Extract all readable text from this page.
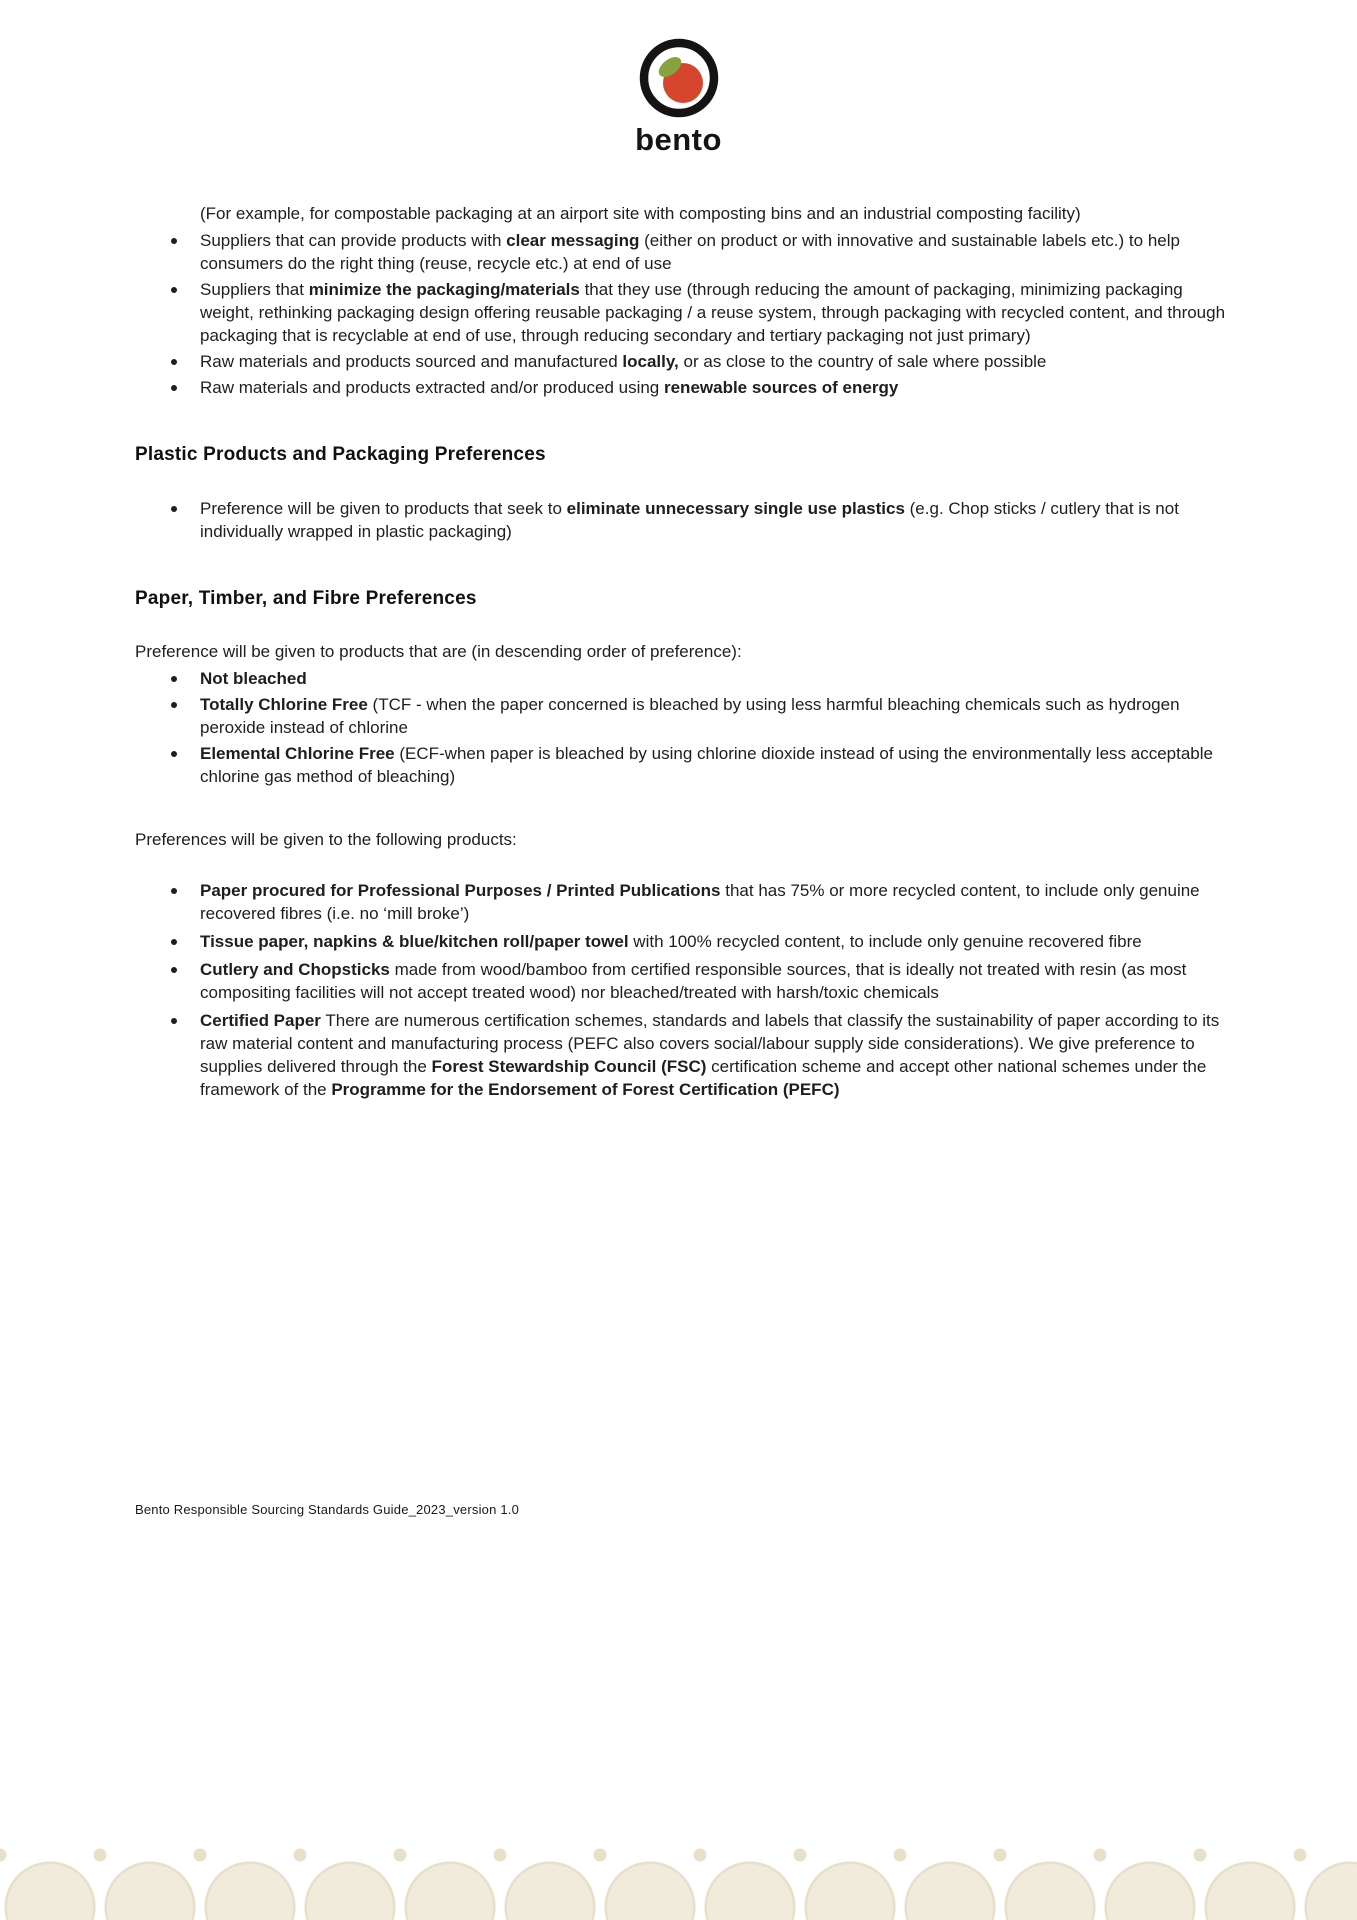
bento

(For example, for compostable packaging at an airport site with composting bins and an industrial composting facility)

Suppliers that can provide products with clear messaging (either on product or with innovative and sustainable labels etc.) to help consumers do the right thing (reuse, recycle etc.) at end of use
Suppliers that minimize the packaging/materials that they use (through reducing the amount of packaging, minimizing packaging weight, rethinking packaging design offering reusable packaging / a reuse system, through packaging with recycled content, and through packaging that is recyclable at end of use, through reducing secondary and tertiary packaging not just primary)
Raw materials and products sourced and manufactured locally, or as close to the country of sale where possible
Raw materials and products extracted and/or produced using renewable sources of energy
Plastic Products and Packaging Preferences
Preference will be given to products that seek to eliminate unnecessary single use plastics (e.g. Chop sticks / cutlery that is not individually wrapped in plastic packaging)
Paper, Timber, and Fibre Preferences

Preference will be given to products that are (in descending order of preference):

Not bleached
Totally Chlorine Free (TCF - when the paper concerned is bleached by using less harmful bleaching chemicals such as hydrogen peroxide instead of chlorine
Elemental Chlorine Free (ECF-when paper is bleached by using chlorine dioxide instead of using the environmentally less acceptable chlorine gas method of bleaching)

Preferences will be given to the following products:

Paper procured for Professional Purposes / Printed Publications that has 75% or more recycled content, to include only genuine recovered fibres (i.e. no ‘mill broke’)
Tissue paper, napkins & blue/kitchen roll/paper towel with 100% recycled content, to include only genuine recovered fibre
Cutlery and Chopsticks made from wood/bamboo from certified responsible sources, that is ideally not treated with resin (as most compositing facilities will not accept treated wood) nor bleached/treated with harsh/toxic chemicals
Certified Paper There are numerous certification schemes, standards and labels that classify the sustainability of paper according to its raw material content and manufacturing process (PEFC also covers social/labour supply side considerations). We give preference to supplies delivered through the Forest Stewardship Council (FSC) certification scheme and accept other national schemes under the framework of the Programme for the Endorsement of Forest Certification (PEFC)
Bento Responsible Sourcing Standards Guide_2023_version 1.0
